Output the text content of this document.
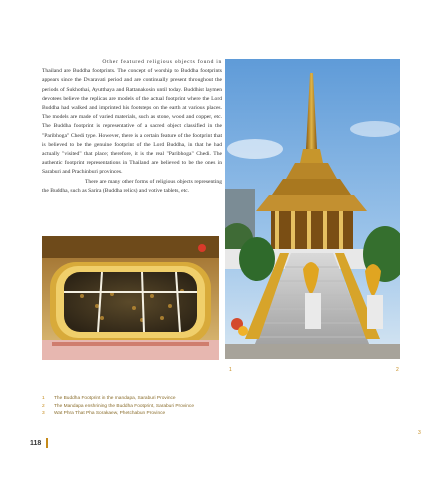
Other featured religious objects found in
Thailand are Buddha footprints. The concept of worship to Buddha footprints appears since the Dvaravati period and are continually present throughout the periods of Sukhothai, Ayutthaya and Rattanakosin until today. Buddhist laymen devotees believe the replicas are models of the actual footprint where the Lord Buddha had walked and imprinted his footsteps on the earth at various places. The models are made of varied materials, such as stone, wood and copper, etc. The Buddha footprint is representative of a sacred object classified in the "Paribhoga" Chedi type. However, there is a certain feature of the footprint that is believed to be the genuine footprint of the Lord Buddha, in that he had actually "visited" that place; therefore, it is the real "Paribhoga" Chedi. The authentic footprint representations in Thailand are believed to be the ones in Saraburi and Prachinburi provinces.

There are many other forms of religious objects representing the Buddha, such as Sarira (Buddha relics) and votive tablets, etc.

1	2
3
1	The Buddha Footprint in the mandapa, Saraburi Province
2	The Mandapa enshrining the Buddha Footprint, Saraburi Province
3	Wat Phra That Pha Sorakaew, Phetchabun Province
118
